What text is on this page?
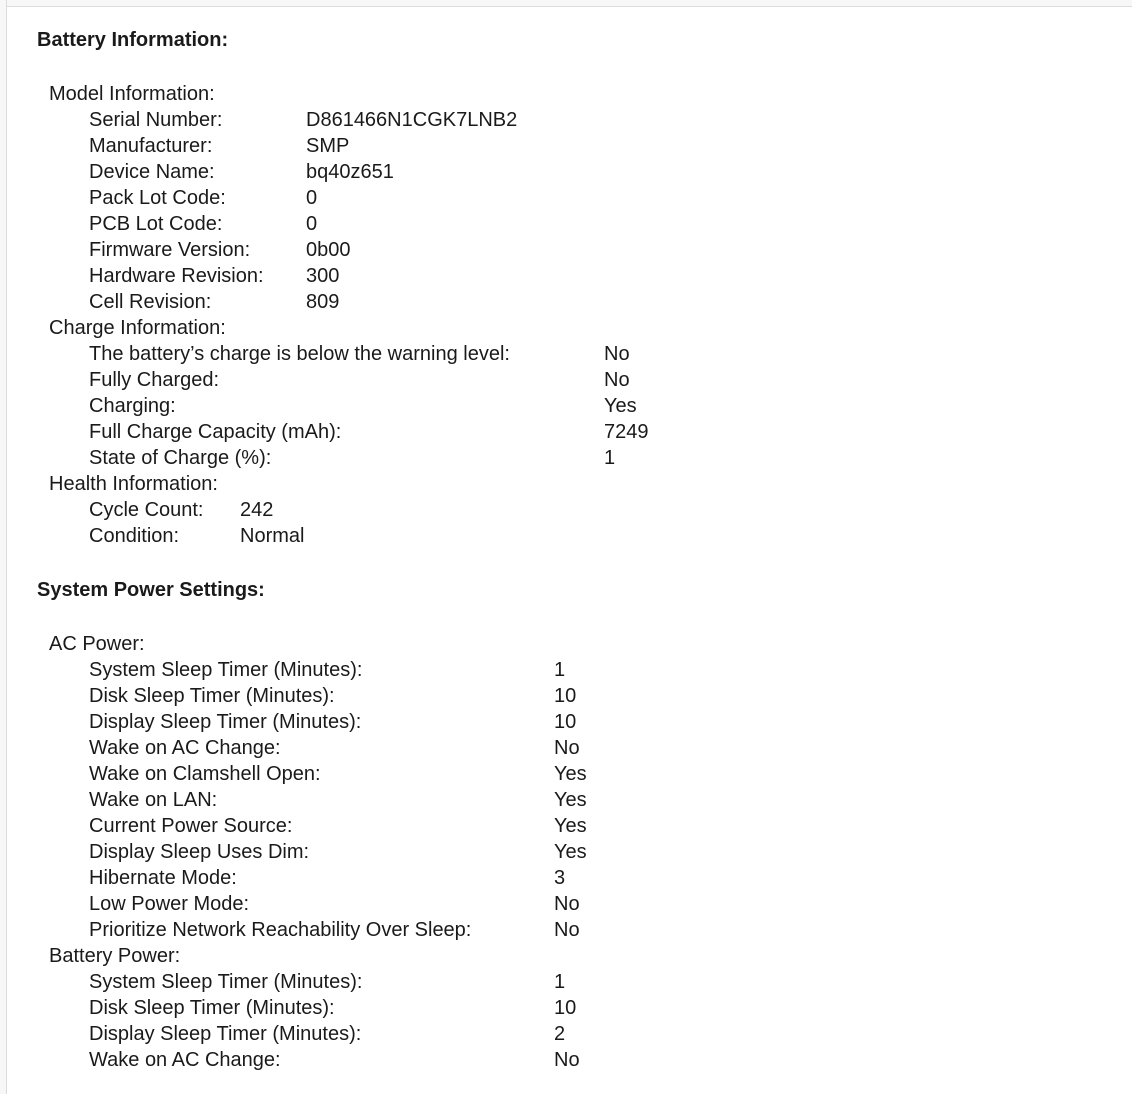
Battery Information:
Model Information:
Serial Number:	D861466N1CGK7LNB2
Manufacturer:	SMP
Device Name:	bq40z651
Pack Lot Code:	0
PCB Lot Code:	0
Firmware Version:	0b00
Hardware Revision: 300
Cell Revision:	809
Charge Information:
The battery’s charge is below the warning level:	No
Fully Charged:	No
Charging:	Yes
Full Charge Capacity (mAh):	7249
State of Charge (%):	1
Health Information:
Cycle Count: 242
Condition:	Normal
System Power Settings:
AC Power:
System Sleep Timer (Minutes):	1
Disk Sleep Timer (Minutes):	10
Display Sleep Timer (Minutes):	10
Wake on AC Change:	No
Wake on Clamshell Open:	Yes
Wake on LAN:	Yes
Current Power Source:	Yes
Display Sleep Uses Dim:	Yes
Hibernate Mode:	3
Low Power Mode:	No
Prioritize Network Reachability Over Sleep:	No
Battery Power:
System Sleep Timer (Minutes):	1
Disk Sleep Timer (Minutes):	10
Display Sleep Timer (Minutes):	2
Wake on AC Change:	No
